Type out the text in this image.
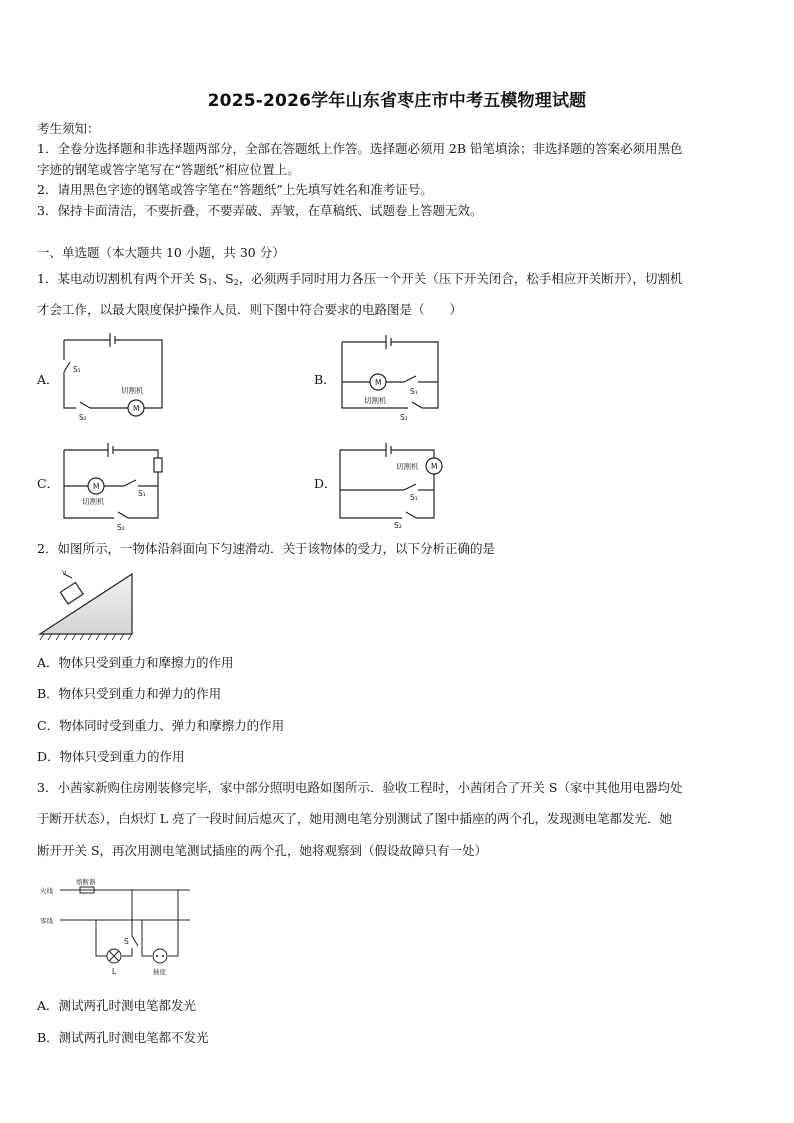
2025-2026学年山东省枣庄市中考五模物理试题
考生须知：
1．全卷分选择题和非选择题两部分，全部在答题纸上作答。选择题必须用 2B 铅笔填涂；非选择题的答案必须用黑色
字迹的钢笔或答字笔写在“答题纸”相应位置上。
2．请用黑色字迹的钢笔或答字笔在“答题纸”上先填写姓名和准考证号。
3．保持卡面清洁，不要折叠，不要弄破、弄皱，在草稿纸、试题卷上答题无效。
一、单选题（本大题共 10 小题，共 30 分）
1．某电动切割机有两个开关 $S_1$、$S_2$，必须两手同时用力各压一个开关（压下开关闭合，松手相应开关断开），切割机
才会工作，以最大限度保护操作人员．则下图中符合要求的电路图是（　　）
A．	B．
C．	D．
M
切割机
S₁
S₂
M
切割机
S₁
S₂
M
切割机
S₁
S₂
M
切割机
S₁
S₂
2．如图所示，一物体沿斜面向下匀速滑动．关于该物体的受力，以下分析正确的是
v
A．物体只受到重力和摩擦力的作用
B．物体只受到重力和弹力的作用
C．物体同时受到重力、弹力和摩擦力的作用
D．物体只受到重力的作用
3．小茜家新购住房刚装修完毕，家中部分照明电路如图所示．验收工程时，小茜闭合了开关 S（家中其他用电器均处
于断开状态），白炽灯 L 亮了一段时间后熄灭了，她用测电笔分别测试了图中插座的两个孔，发现测电笔都发光．她
断开开关 S，再次用测电笔测试插座的两个孔，她将观察到（假设故障只有一处）
火线
零线
熔断器
S
L	插座
A．测试两孔时测电笔都发光
B．测试两孔时测电笔都不发光
